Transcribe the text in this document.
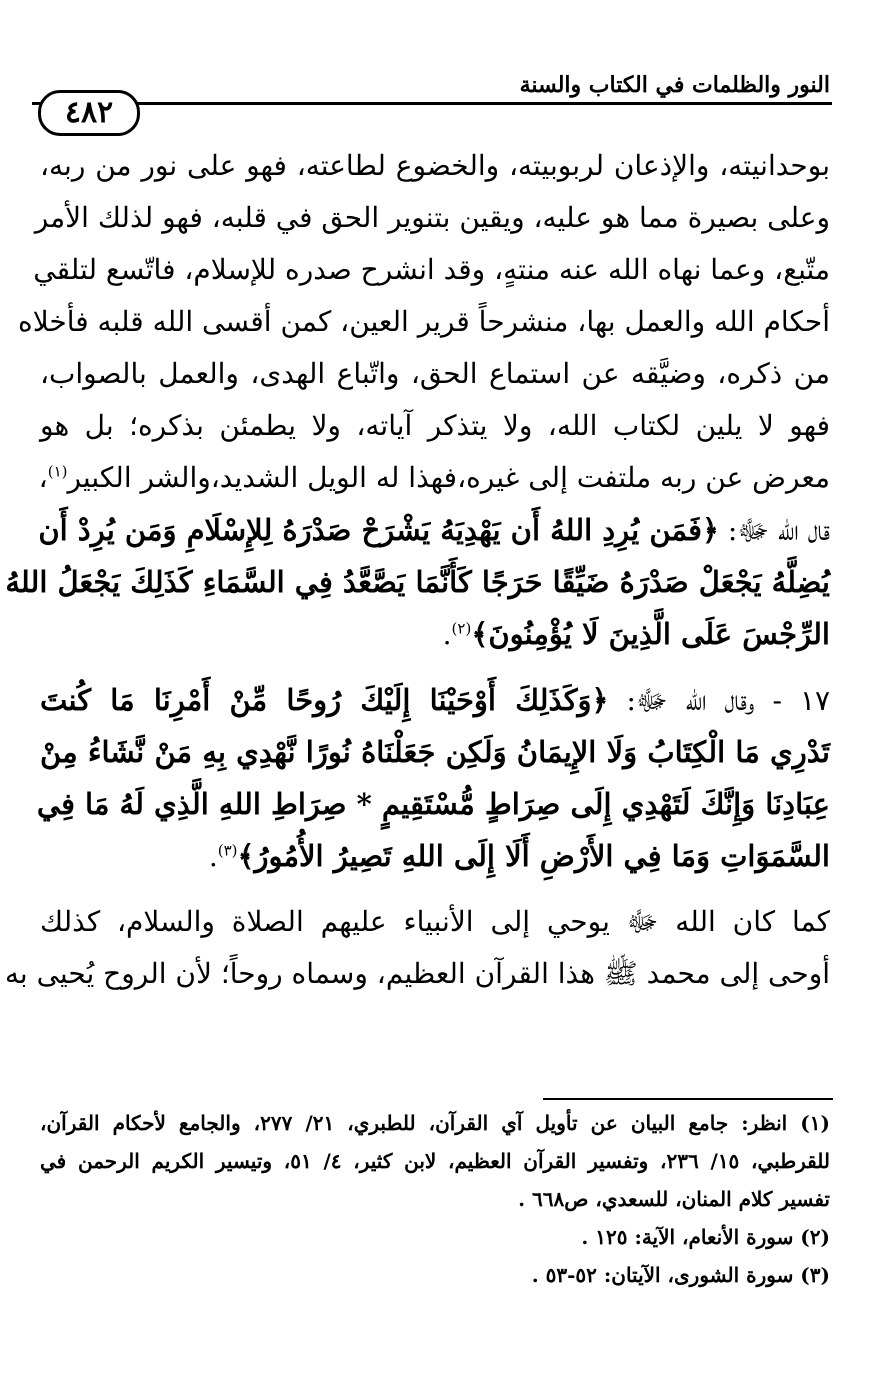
النور والظلمات في الكتاب والسنة
٤٨٢
بوحدانيته، والإذعان لربوبيته، والخضوع لطاعته، فهو على نور من ربه،
وعلى بصيرة مما هو عليه، ويقين بتنوير الحق في قلبه، فهو لذلك الأمر
متّبع، وعما نهاه الله عنه منتهٍ، وقد انشرح صدره للإسلام، فاتّسع لتلقي
أحكام الله والعمل بها، منشرحاً قرير العين، كمن أقسى الله قلبه فأخلاه
من ذكره، وضيَّقه عن استماع الحق، واتّباع الهدى، والعمل بالصواب،
فهو لا يلين لكتاب الله، ولا يتذكر آياته، ولا يطمئن بذكره؛ بل هو
معرض عن ربه ملتفت إلى غيره،فهذا له الويل الشديد،والشر الكبير$^{(١)}$،
قال الله ﷻ: ﴿فَمَن يُرِدِ اللهُ أَن يَهْدِيَهُ يَشْرَحْ صَدْرَهُ لِلإِسْلَامِ وَمَن يُرِدْ أَن
يُضِلَّهُ يَجْعَلْ صَدْرَهُ ضَيِّقًا حَرَجًا كَأَنَّمَا يَصَّعَّدُ فِي السَّمَاءِ كَذَلِكَ يَجْعَلُ اللهُ
الرِّجْسَ عَلَى الَّذِينَ لَا يُؤْمِنُونَ﴾$^{(٢)}$.
١٧ - وقال الله ﷻ: ﴿وَكَذَلِكَ أَوْحَيْنَا إِلَيْكَ رُوحًا مِّنْ أَمْرِنَا مَا كُنتَ
تَدْرِي مَا الْكِتَابُ وَلَا الإِيمَانُ وَلَكِن جَعَلْنَاهُ نُورًا نَّهْدِي بِهِ مَنْ نَّشَاءُ مِنْ
عِبَادِنَا وَإِنَّكَ لَتَهْدِي إِلَى صِرَاطٍ مُّسْتَقِيمٍ * صِرَاطِ اللهِ الَّذِي لَهُ مَا فِي
السَّمَوَاتِ وَمَا فِي الأَرْضِ أَلَا إِلَى اللهِ تَصِيرُ الأُمُورُ﴾$^{(٣)}$.
كما كان الله ﷻ يوحي إلى الأنبياء عليهم الصلاة والسلام، كذلك
أوحى إلى محمد ﷺ هذا القرآن العظيم، وسماه روحاً؛ لأن الروح يُحيى به
(١) انظر: جامع البيان عن تأويل آي القرآن، للطبري، ٢١/ ٢٧٧، والجامع لأحكام القرآن،
للقرطبي، ١٥/ ٢٣٦، وتفسير القرآن العظيم، لابن كثير، ٤/ ٥١، وتيسير الكريم الرحمن في
تفسير كلام المنان، للسعدي، ص٦٦٨ .
(٢) سورة الأنعام، الآية: ١٢٥ .
(٣) سورة الشورى، الآيتان: ٥٢-٥٣ .
